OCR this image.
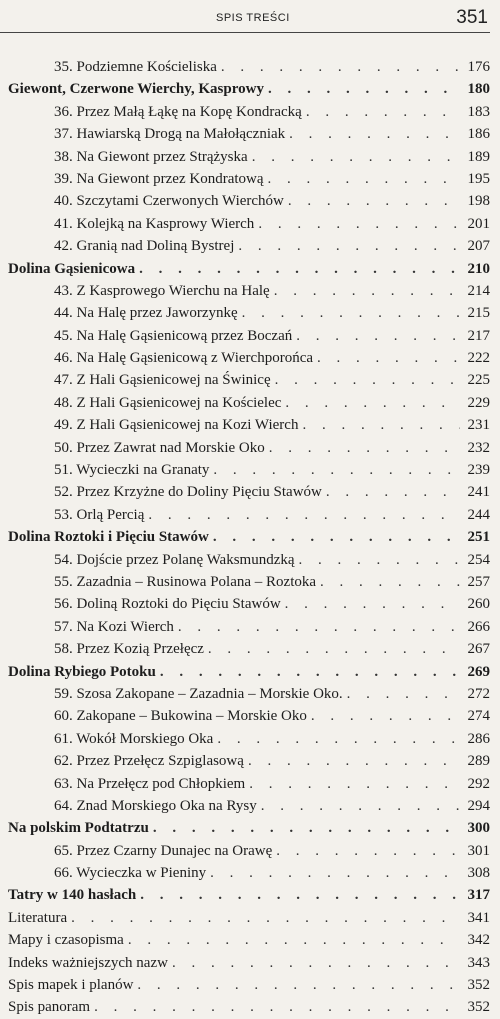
SPIS TREŚCI	351
35. Podziemne Kościeliska . . .	176
Giewont, Czerwone Wierchy, Kasprowy . . .	180
36. Przez Małą Łąkę na Kopę Kondracką . . .	183
37. Hawiarską Drogą na Małołączniak . . .	186
38. Na Giewont przez Strążyska . . .	189
39. Na Giewont przez Kondratową . . .	195
40. Szczytami Czerwonych Wierchów . . .	198
41. Kolejką na Kasprowy Wierch . . .	201
42. Granią nad Doliną Bystrej . . .	207
Dolina Gąsienicowa . . .	210
43. Z Kasprowego Wierchu na Halę . . .	214
44. Na Halę przez Jaworzynkę . . .	215
45. Na Halę Gąsienicową przez Boczań . . .	217
46. Na Halę Gąsienicową z Wierchporońca . . .	222
47. Z Hali Gąsienicowej na Świnicę . . .	225
48. Z Hali Gąsienicowej na Kościelec . . .	229
49. Z Hali Gąsienicowej na Kozi Wierch . . .	231
50. Przez Zawrat nad Morskie Oko . . .	232
51. Wycieczki na Granaty . . .	239
52. Przez Krzyżne do Doliny Pięciu Stawów . . .	241
53. Orlą Percią . . .	244
Dolina Roztoki i Pięciu Stawów . . .	251
54. Dojście przez Polanę Waksmundzką . . .	254
55. Zazadnia – Rusinowa Polana – Roztoka . . .	257
56. Doliną Roztoki do Pięciu Stawów . . .	260
57. Na Kozi Wierch . . .	266
58. Przez Kozią Przełęcz . . .	267
Dolina Rybiego Potoku . . .	269
59. Szosa Zakopane – Zazadnia – Morskie Oko. . . .	272
60. Zakopane – Bukowina – Morskie Oko . . .	274
61. Wokół Morskiego Oka . . .	286
62. Przez Przełęcz Szpiglasową . . .	289
63. Na Przełęcz pod Chłopkiem . . .	292
64. Znad Morskiego Oka na Rysy . . .	294
Na polskim Podtatrzu . . .	300
65. Przez Czarny Dunajec na Orawę . . .	301
66. Wycieczka w Pieniny . . .	308
Tatry w 140 hasłach . . .	317
Literatura . . .	341
Mapy i czasopisma . . .	342
Indeks ważniejszych nazw . . .	343
Spis mapek i planów . . .	352
Spis panoram . . .	352
